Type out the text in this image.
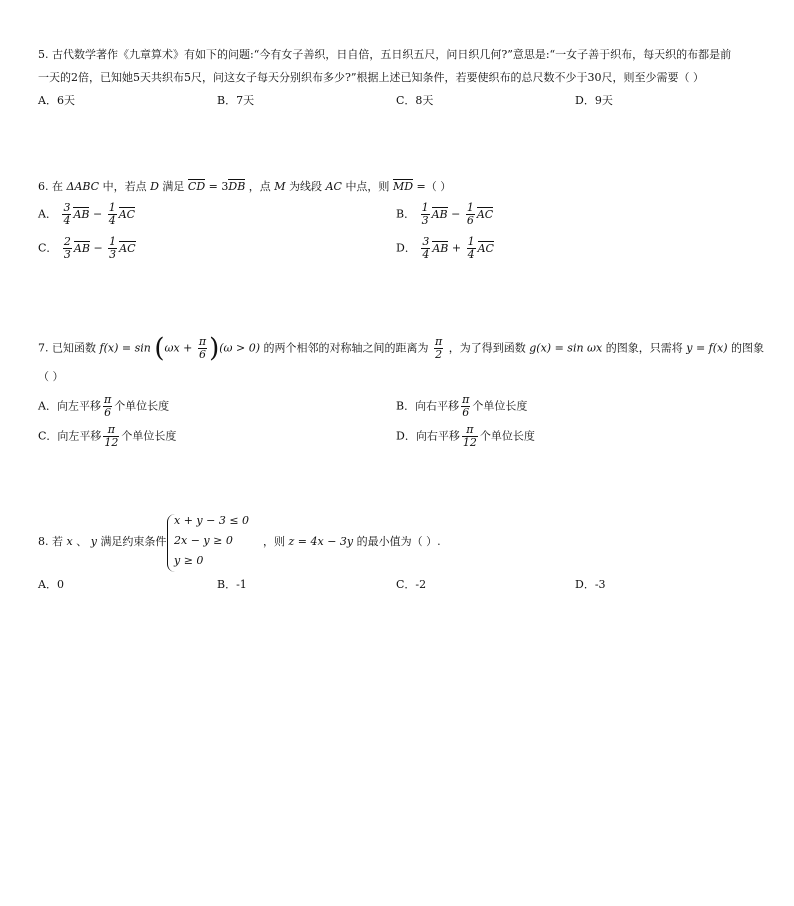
5. 古代数学著作《九章算术》有如下的问题:“今有女子善织，日自倍，五日织五尺，问日织几何?”意思是:“一女子善于织布，每天织的布都是前
一天的2倍，已知她5天共织布5尺，问这女子每天分别织布多少?”根据上述已知条件，若要使织布的总尺数不少于30尺，则至少需要（ ）
A．6天	B．7天	C．8天	D．9天
6. 在 ΔABC 中，若点 D 满足 CD = 3DB ，点 M 为线段 AC 中点，则 MD =（ ）
A． $\frac{3}{4}$ AB − $\frac{1}{4}$ AC	B． $\frac{1}{3}$ AB − $\frac{1}{6}$ AC
C． $\frac{2}{3}$ AB − $\frac{1}{3}$ AC	D． $\frac{3}{4}$ AB + $\frac{1}{4}$ AC
7. 已知函数 $f(x) = \sin (\omega x + \frac{\pi}{6} )(\omega > 0)$ 的两个相邻的对称轴之间的距离为 $\frac{\pi}{2}$ ，为了得到函数 g(x) = sin ωx 的图象，只需将 y = f(x) 的图象
（ ）
A．向左平移 $\frac{\pi}{6}$ 个单位长度	B．向右平移 $\frac{\pi}{6}$ 个单位长度
C．向左平移 $\frac{\pi}{12}$ 个单位长度	D．向右平移 $\frac{\pi}{12}$ 个单位长度
8. 若 x 、 y 满足约束条件
x + y − 3 ≤ 0
2x − y ≥ 0
y ≥ 0
，则 z = 4x − 3y 的最小值为（ ）.
A．0	B．-1	C．-2	D．-3
